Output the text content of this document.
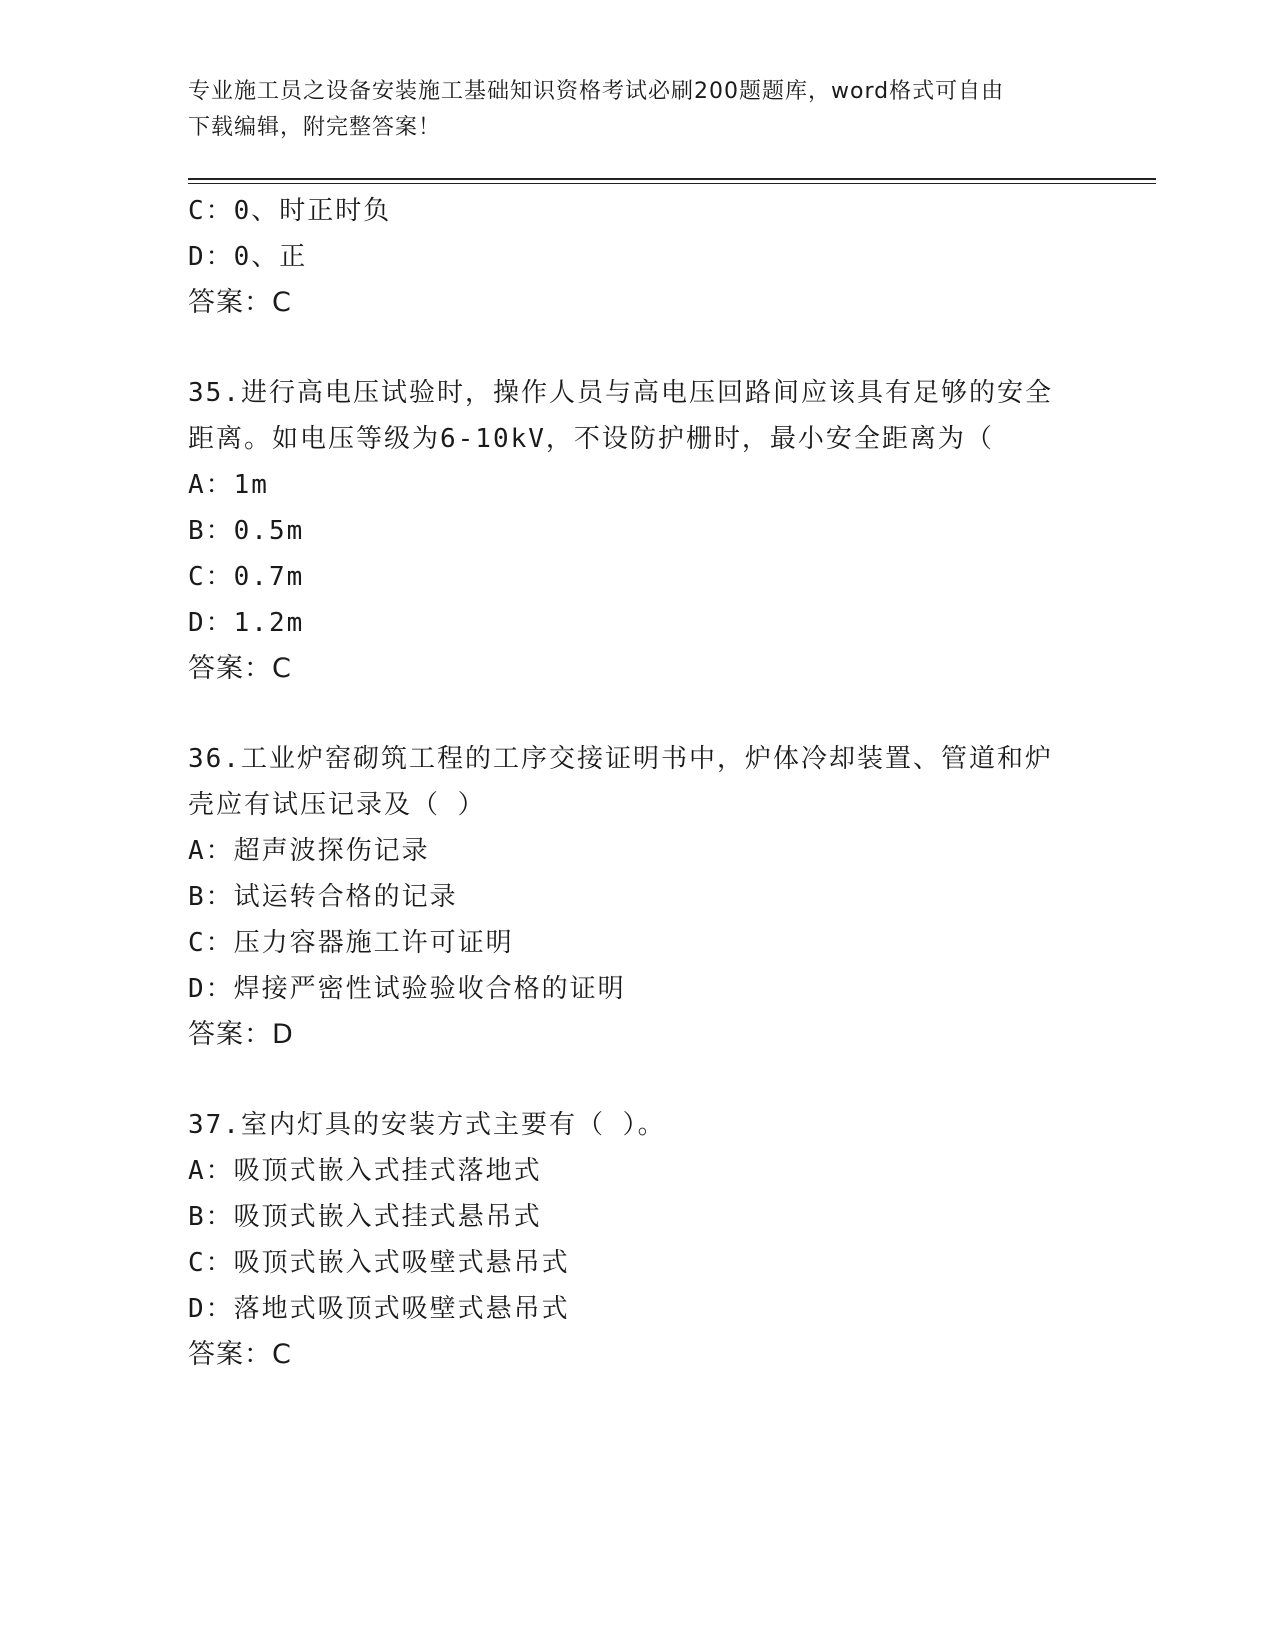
专业施工员之设备安装施工基础知识资格考试必刷200题题库，word格式可自由
下载编辑，附完整答案！
C：0、时正时负
D：0、正
答案：C
35.进行高电压试验时，操作人员与高电压回路间应该具有足够的安全
距离。如电压等级为6-10kV，不设防护栅时，最小安全距离为（
A：1m
B：0.5m
C：0.7m
D：1.2m
答案：C
36.工业炉窑砌筑工程的工序交接证明书中，炉体冷却装置、管道和炉
壳应有试压记录及（ ）
A：超声波探伤记录
B：试运转合格的记录
C：压力容器施工许可证明
D：焊接严密性试验验收合格的证明
答案：D
37.室内灯具的安装方式主要有（ ）。
A：吸顶式嵌入式挂式落地式
B：吸顶式嵌入式挂式悬吊式
C：吸顶式嵌入式吸壁式悬吊式
D：落地式吸顶式吸壁式悬吊式
答案：C
